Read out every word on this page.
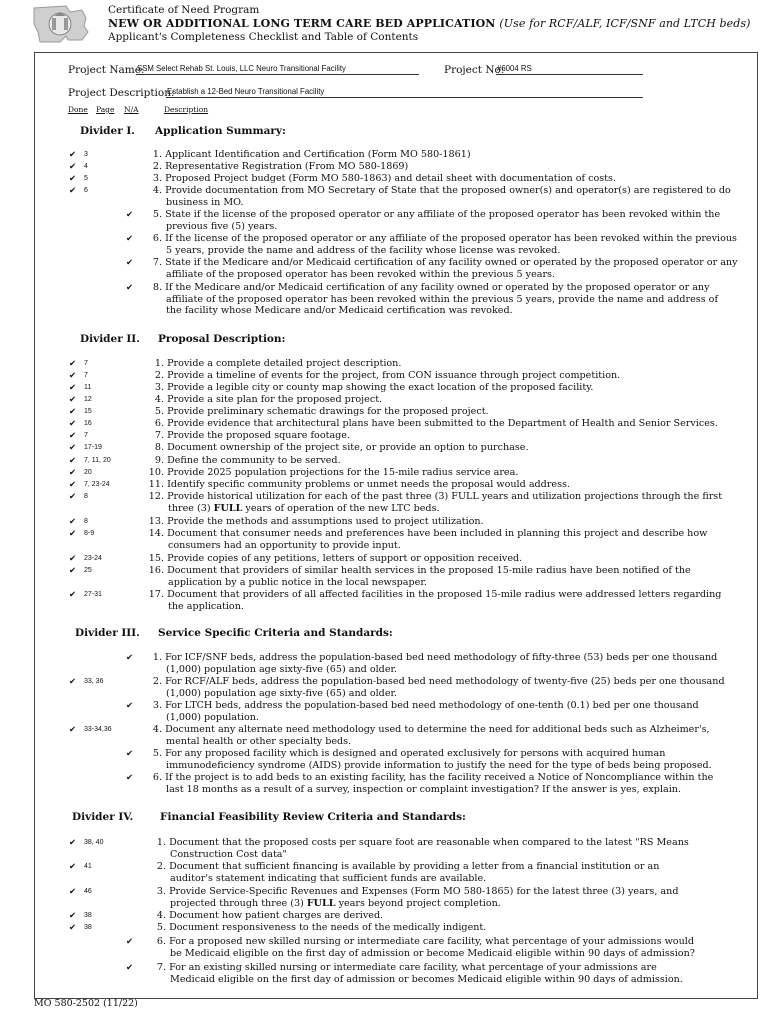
Certificate of Need Program
NEW OR ADDITIONAL LONG TERM CARE BED APPLICATION (Use for RCF/ALF, ICF/SNF and LTCH beds)
Applicant's Completeness Checklist and Table of Contents
Project Name:
SSM Select Rehab St. Louis, LLC Neuro Transitional Facility	Project No:
#6004 RS
Project Description:
Establish a 12-Bed Neuro Transitional Facility
Done Page N/A	Description
Divider I. Application Summary:
Divider II. Proposal Description:
Divider III. Service Specific Criteria and Standards:
Divider IV.	Financial Feasibility Review Criteria and Standards:
✔ 3	1. Applicant Identification and Certification (Form MO 580-1861)
✔ 4	2. Representative Registration (From MO 580-1869)
✔ 5	3. Proposed Project budget (Form MO 580-1863) and detail sheet with documentation of costs.
✔ 6	4. Provide documentation from MO Secretary of State that the proposed owner(s) and operator(s) are registered to do
business in MO.
✔	5. State if the license of the proposed operator or any affiliate of the proposed operator has been revoked within the
previous five (5) years.
✔	6. If the license of the proposed operator or any affiliate of the proposed operator has been revoked within the previous
5 years, provide the name and address of the facility whose license was revoked.
✔	7. State if the Medicare and/or Medicaid certification of any facility owned or operated by the proposed operator or any
affiliate of the proposed operator has been revoked within the previous 5 years.
✔	8. If the Medicare and/or Medicaid certification of any facility owned or operated by the proposed operator or any
affiliate of the proposed operator has been revoked within the previous 5 years, provide the name and address of
the facility whose Medicare and/or Medicaid certification was revoked.
✔ 7	1. Provide a complete detailed project description.
✔ 7	2. Provide a timeline of events for the project, from CON issuance through project competition.
✔ 11	3. Provide a legible city or county map showing the exact location of the proposed facility.
✔ 12	4. Provide a site plan for the proposed project.
✔ 15	5. Provide preliminary schematic drawings for the proposed project.
✔ 16	6. Provide evidence that architectural plans have been submitted to the Department of Health and Senior Services.
✔ 7	7. Provide the proposed square footage.
✔ 17-19	8. Document ownership of the project site, or provide an option to purchase.
✔ 7, 11, 20	9. Define the community to be served.
✔ 20	10. Provide 2025 population projections for the 15-mile radius service area.
✔ 7, 23-24	11. Identify specific community problems or unmet needs the proposal would address.
✔ 8	12. Provide historical utilization for each of the past three (3) FULL years and utilization projections through the first
three (3) FULL years of operation of the new LTC beds.
✔ 8	13. Provide the methods and assumptions used to project utilization.
✔ 8-9	14. Document that consumer needs and preferences have been included in planning this project and describe how
consumers had an opportunity to provide input.
✔ 23-24	15. Provide copies of any petitions, letters of support or opposition received.
✔ 25	16. Document that providers of similar health services in the proposed 15-mile radius have been notified of the
application by a public notice in the local newspaper.
✔ 27-31	17. Document that providers of all affected facilities in the proposed 15-mile radius were addressed letters regarding
the application.
✔	1. For ICF/SNF beds, address the population-based bed need methodology of fifty-three (53) beds per one thousand
(1,000) population age sixty-five (65) and older.
✔ 33, 36	2. For RCF/ALF beds, address the population-based bed need methodology of twenty-five (25) beds per one thousand
(1,000) population age sixty-five (65) and older.
✔	3. For LTCH beds, address the population-based bed need methodology of one-tenth (0.1) bed per one thousand
(1,000) population.
✔ 33-34,36	4. Document any alternate need methodology used to determine the need for additional beds such as Alzheimer's,
mental health or other specialty beds.
✔	5. For any proposed facility which is designed and operated exclusively for persons with acquired human
immunodeficiency syndrome (AIDS) provide information to justify the need for the type of beds being proposed.
✔	6. If the project is to add beds to an existing facility, has the facility received a Notice of Noncompliance within the
last 18 months as a result of a survey, inspection or complaint investigation? If the answer is yes, explain.
✔ 38, 40	1. Document that the proposed costs per square foot are reasonable when compared to the latest "RS Means
Construction Cost data"
✔ 41	2. Document that sufficient financing is available by providing a letter from a financial institution or an
auditor's statement indicating that sufficient funds are available.
✔ 46	3. Provide Service-Specific Revenues and Expenses (Form MO 580-1865) for the latest three (3) years, and
projected through three (3) FULL years beyond project completion.
✔ 38	4. Document how patient charges are derived.
✔ 38	5. Document responsiveness to the needs of the medically indigent.
✔	6. For a proposed new skilled nursing or intermediate care facility, what percentage of your admissions would
be Medicaid eligible on the first day of admission or become Medicaid eligible within 90 days of admission?
✔	7. For an existing skilled nursing or intermediate care facility, what percentage of your admissions are
Medicaid eligible on the first day of admission or becomes Medicaid eligible within 90 days of admission.
MO 580-2502 (11/22)
